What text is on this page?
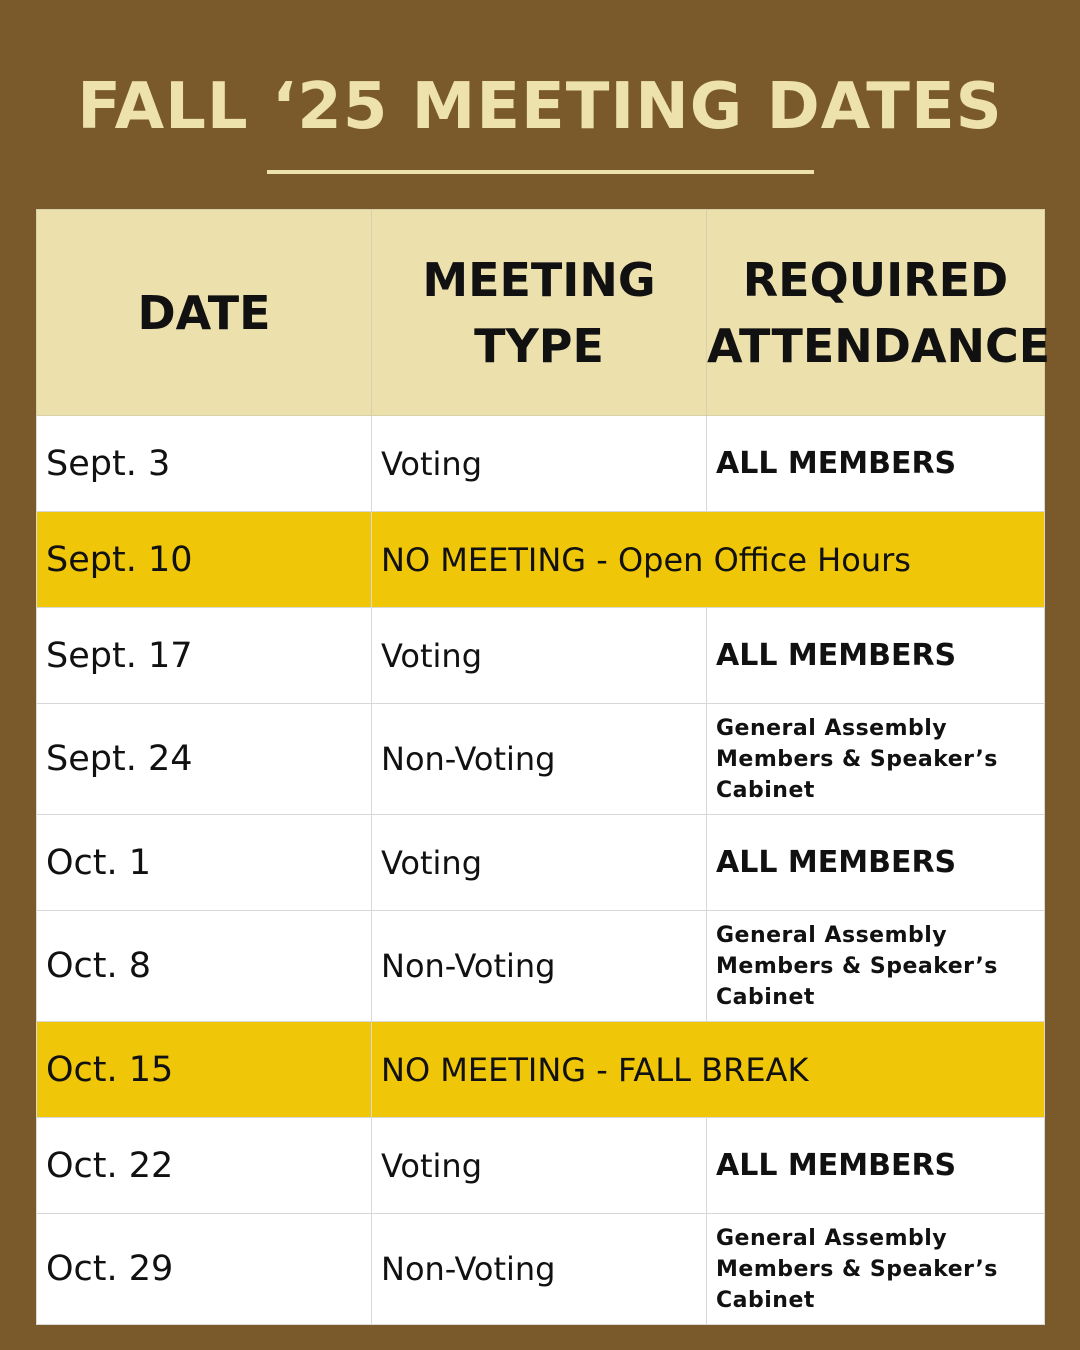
FALL ‘25 MEETING DATES
DATE	MEETING TYPE	REQUIRED ATTENDANCE
Sept. 3	Voting	ALL MEMBERS
Sept. 10	NO MEETING - Open Office Hours	
Sept. 17	Voting	ALL MEMBERS
Sept. 24	Non-Voting	General Assembly Members & Speaker’s Cabinet
Oct. 1	Voting	ALL MEMBERS
Oct. 8	Non-Voting	General Assembly Members & Speaker’s Cabinet
Oct. 15	NO MEETING - FALL BREAK	
Oct. 22	Voting	ALL MEMBERS
Oct. 29	Non-Voting	General Assembly Members & Speaker’s Cabinet
